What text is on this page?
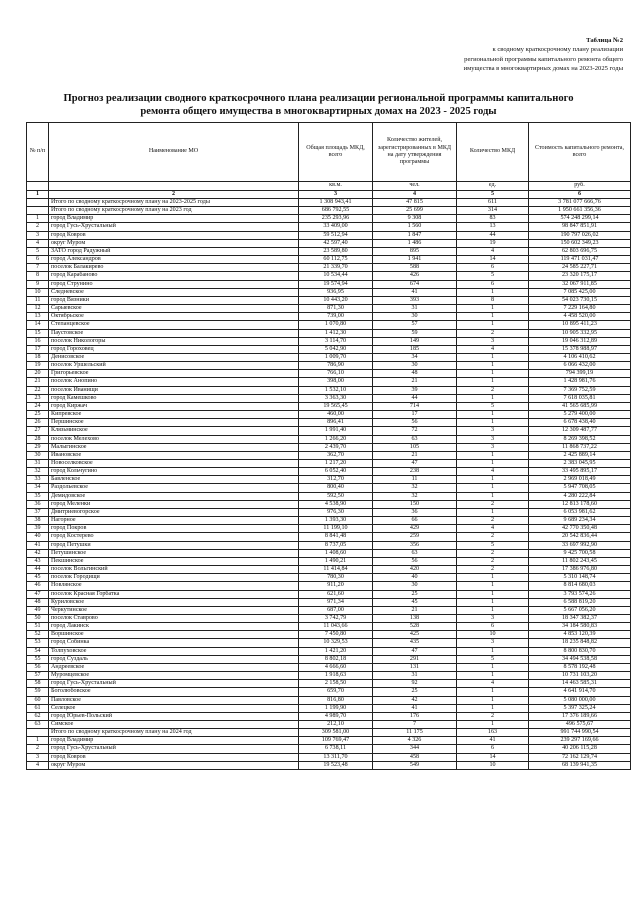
Таблица №2
к сводному краткосрочному плану реализации
региональной программы капитального ремонта общего
имущества в многоквартирных домах на 2023-2025 годы
Прогноз реализации сводного краткосрочного плана реализации региональной программы капитального
ремонта общего имущества в многоквартирных домах на 2023 - 2025 годы
№ п/п	Наименование МО	Общая площадь МКД, всего	Количество жителей, зарегистрированных в МКД на дату утверждения программы	Количество МКД	Стоимость капитального ремонта, всего
		кв.м.	чел.	ед.	руб.
1	2	3	4	5	6
	Итого по сводному краткосрочному плану на 2023-2025 годы	1 308 943,41	47 815	611	3 781 077 666,76
	Итого по сводному краткосрочному плану на 2023 год	686 792,55	25 699	314	1 950 661 356,36
1	город Владимир	235 293,96	9 308	83	574 248 299,14
2	город Гусь-Хрустальный	33 409,00	1 560	13	98 847 851,91
3	город Ковров	59 512,94	1 847	44	190 797 026,02
4	округ Муром	42 597,40	1 486	19	150 602 349,23
5	ЗАТО город Радужный	23 589,80	895	4	62 803 696,75
6	город Александров	60 112,75	1 941	14	119 471 031,47
7	поселок Балакирево	21 339,70	588	6	24 585 227,71
8	город Карабаново	10 534,44	426	5	23 320 175,17
9	город Струнино	19 574,94	674	6	32 067 911,85
10	Следневское	936,95	41	1	7 085 425,00
11	город Вязники	10 443,20	393	8	54 023 730,15
12	Сарыевское	871,30	31	1	7 229 164,80
13	Октябрьское	739,00	30	1	4 458 520,00
14	Степанцевское	1 070,80	57	1	10 895 411,23
15	Паустовское	1 412,30	59	2	10 905 332,95
16	поселок Никологоры	3 114,70	149	3	19 046 312,89
17	город Гороховец	5 042,90	185	4	15 378 988,97
18	Денисовское	1 009,70	34	1	4 106 410,62
19	поселок Уршельский	786,90	30	1	6 066 432,00
20	Григорьевское	766,10	48	1	794 399,19
21	поселок Анопино	398,00	21	1	1 428 981,76
22	поселок Иванищи	1 532,10	39	2	7 369 752,59
23	город Камешково	3 363,30	44	1	7 618 035,81
24	город Киржач	19 565,45	714	5	41 565 685,99
25	Кипревское	460,00	17	1	5 279 400,00
26	Першинское	896,41	56	1	6 678 438,40
27	Клязьминское	1 991,40	72	3	12 309 487,77
28	поселок Мелехово	1 266,20	63	3	8 269 398,52
29	Малыгинское	2 439,70	105	3	11 868 737,22
30	Ивановское	362,70	21	1	2 425 889,14
31	Новоселковское	1 217,20	47	1	2 383 045,95
32	город Кольчугино	6 052,40	238	4	33 495 895,17
33	Бавленское	312,70	11	1	2 969 018,49
34	Раздольевское	800,40	32	1	5 947 708,05
35	Демидовское	592,50	32	1	4 280 222,84
36	город Меленки	4 538,90	150	2	12 813 178,60
37	Дмитриевогорское	976,30	36	1	6 053 981,62
38	Нагорное	1 393,30	66	2	9 689 234,34
39	город Покров	11 199,10	429	4	42 770 350,48
40	город Костерево	8 841,48	259	2	20 542 836,44
41	город Петушки	8 737,05	356	5	33 697 992,90
42	Петушинское	1 408,60	63	2	9 425 700,58
43	Пекшинское	1 490,21	56	2	11 802 243,45
44	поселок Вольгинский	11 414,84	420	2	17 386 976,80
45	поселок Городищи	780,30	40	1	5 310 148,74
46	Новлянское	911,20	30	1	8 814 680,03
47	поселок Красная Горбатка	621,60	25	1	3 793 574,26
48	Куриловское	971,34	45	1	6 588 819,20
49	Черкутинское	687,00	21	1	5 667 056,20
50	поселок Ставрово	3 742,79	138	3	18 347 382,37
51	город Лакинск	11 043,66	528	6	34 184 580,83
52	Воршинское	7 450,80	425	10	4 853 120,39
53	город Собинка	10 329,53	435	3	18 235 848,82
54	Толпуховское	1 421,20	47	1	8 800 830,70
55	город Суздаль	8 802,18	291	5	34 494 538,58
56	Андреевское	4 666,60	131	1	8 578 192,48
57	Муромцевское	1 918,63	31	1	10 731 103,20
58	город Гусь-Хрустальный	2 158,50	92	4	14 463 585,31
59	Боголюбовское	659,70	25	1	4 641 914,70
60	Павловское	816,80	42	1	5 080 000,00
61	Селецкое	1 199,90	41	1	5 397 325,24
62	город Юрьев-Польский	4 989,70	176	2	17 376 189,66
63	Симское	212,10	7	1	496 575,67
	Итого по сводному краткосрочному плану на 2024 год	309 581,00	11 175	163	991 744 990,54
1	город Владимир	109 769,47	4 326	41	239 297 169,66
2	город Гусь-Хрустальный	6 738,11	344	6	40 206 115,28
3	город Ковров	13 311,70	458	14	72 162 129,74
4	округ Муром	19 523,48	549	10	68 139 941,35
